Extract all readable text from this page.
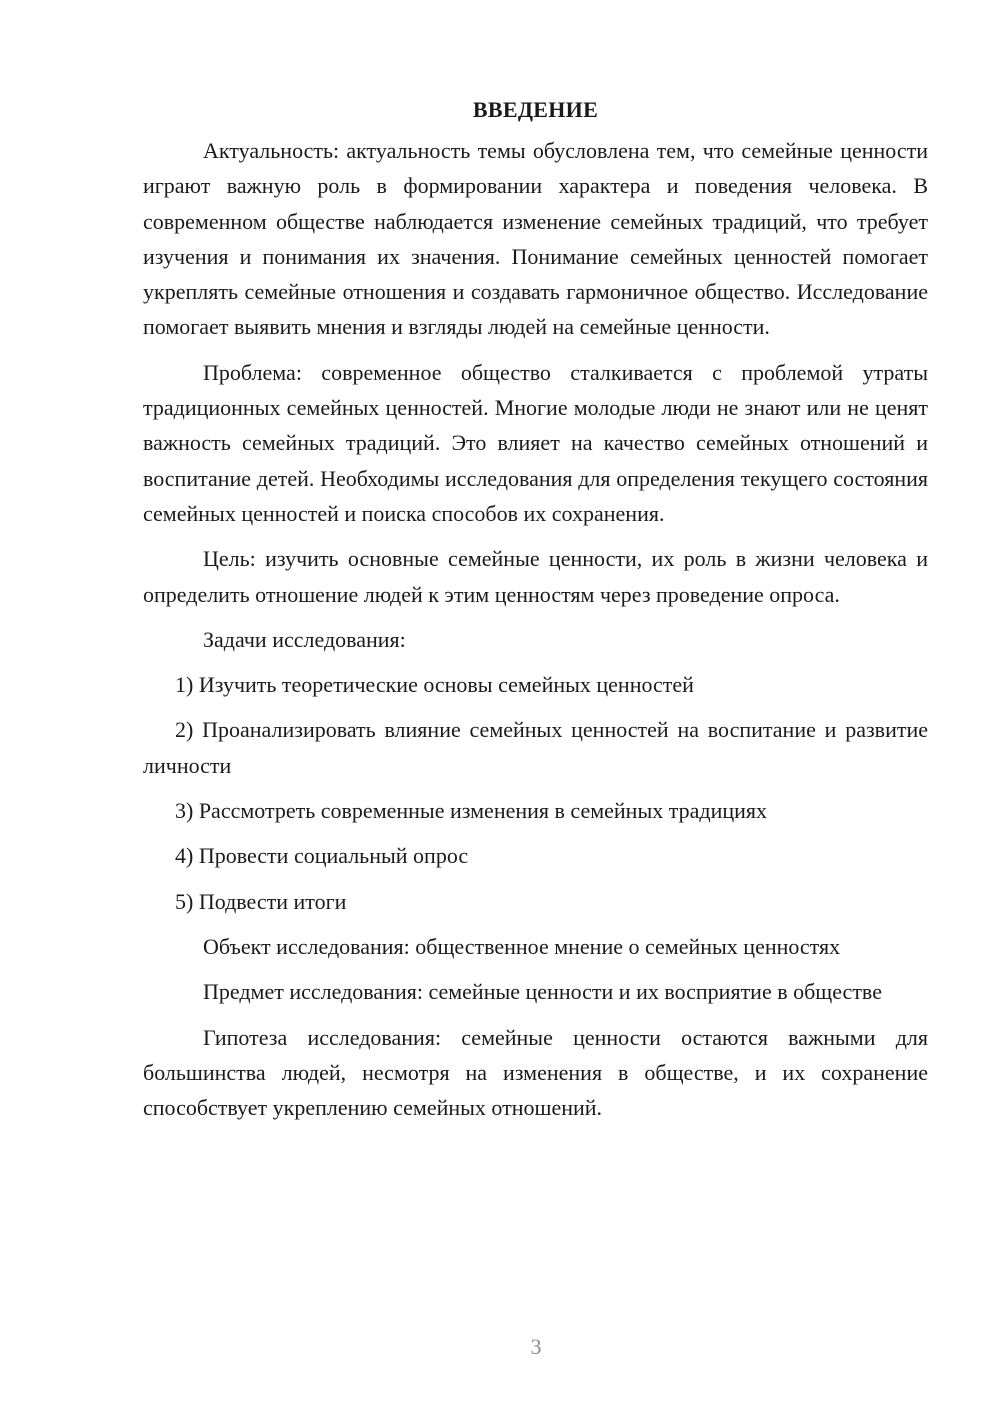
ВВЕДЕНИЕ

Актуальность: актуальность темы обусловлена тем, что семейные ценности играют важную роль в формировании характера и поведения человека. В современном обществе наблюдается изменение семейных традиций, что требует изучения и понимания их значения. Понимание семейных ценностей помогает укреплять семейные отношения и создавать гармоничное общество. Исследование помогает выявить мнения и взгляды людей на семейные ценности.

Проблема: современное общество сталкивается с проблемой утраты традиционных семейных ценностей. Многие молодые люди не знают или не ценят важность семейных традиций. Это влияет на качество семейных отношений и воспитание детей. Необходимы исследования для определения текущего состояния семейных ценностей и поиска способов их сохранения.

Цель: изучить основные семейные ценности, их роль в жизни человека и определить отношение людей к этим ценностям через проведение опроса.

Задачи исследования:

1) Изучить теоретические основы семейных ценностей

2) Проанализировать влияние семейных ценностей на воспитание и развитие личности

3) Рассмотреть современные изменения в семейных традициях

4) Провести социальный опрос

5) Подвести итоги

Объект исследования: общественное мнение о семейных ценностях

Предмет исследования: семейные ценности и их восприятие в обществе

Гипотеза исследования: семейные ценности остаются важными для большинства людей, несмотря на изменения в обществе, и их сохранение способствует укреплению семейных отношений.

3
